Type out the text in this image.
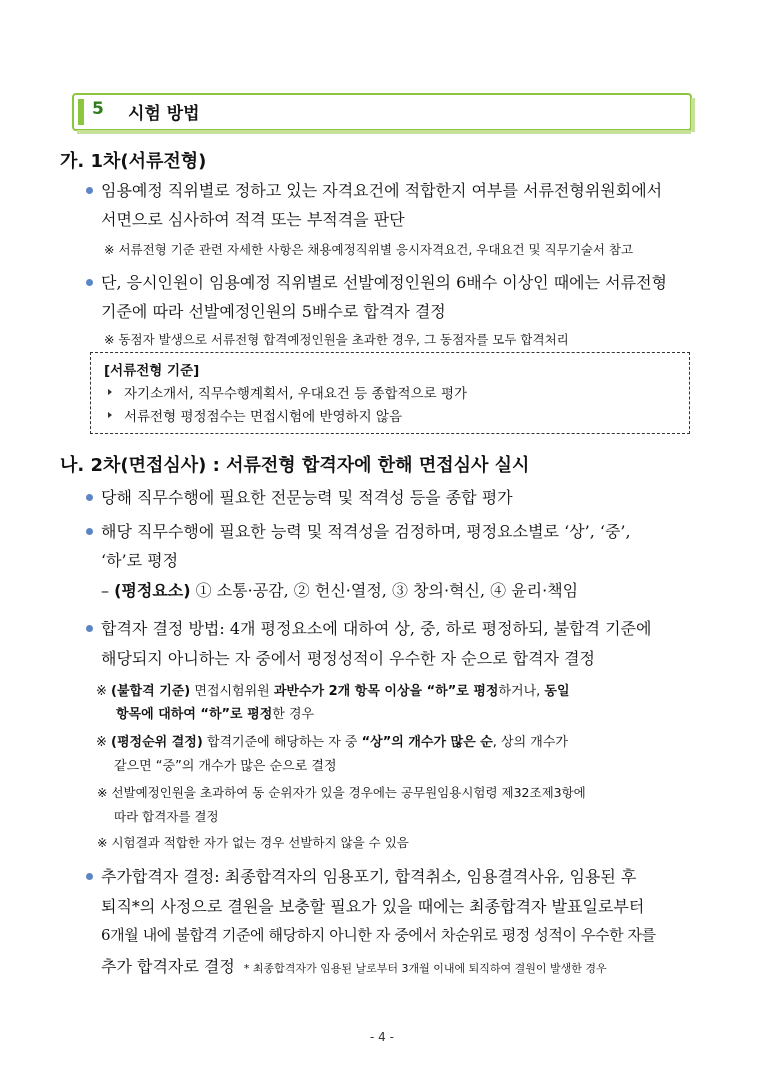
5 시험 방법
가. 1차(서류전형)
임용예정 직위별로 정하고 있는 자격요건에 적합한지 여부를 서류전형위원회에서
서면으로 심사하여 적격 또는 부적격을 판단
※ 서류전형 기준 관련 자세한 사항은 채용예정직위별 응시자격요건, 우대요건 및 직무기술서 참고
단, 응시인원이 임용예정 직위별로 선발예정인원의 6배수 이상인 때에는 서류전형
기준에 따라 선발예정인원의 5배수로 합격자 결정
※ 동점자 발생으로 서류전형 합격예정인원을 초과한 경우, 그 동점자를 모두 합격처리
[서류전형 기준]
자기소개서, 직무수행계획서, 우대요건 등 종합적으로 평가
서류전형 평정점수는 면접시험에 반영하지 않음
나. 2차(면접심사) : 서류전형 합격자에 한해 면접심사 실시
당해 직무수행에 필요한 전문능력 및 적격성 등을 종합 평가
해당 직무수행에 필요한 능력 및 적격성을 검정하며, 평정요소별로 ‘상’, ‘중’,
‘하’로 평정
– (평정요소) ① 소통·공감, ② 헌신·열정, ③ 창의·혁신, ④ 윤리·책임
합격자 결정 방법: 4개 평정요소에 대하여 상, 중, 하로 평정하되, 불합격 기준에
해당되지 아니하는 자 중에서 평정성적이 우수한 자 순으로 합격자 결정
※ (불합격 기준) 면접시험위원 과반수가 2개 항목 이상을 “하”로 평정하거나, 동일
항목에 대하여 “하”로 평정한 경우
※ (평정순위 결정) 합격기준에 해당하는 자 중 “상”의 개수가 많은 순, 상의 개수가
같으면 “중”의 개수가 많은 순으로 결정
※ 선발예정인원을 초과하여 동 순위자가 있을 경우에는 공무원임용시험령 제32조제3항에
따라 합격자를 결정
※ 시험결과 적합한 자가 없는 경우 선발하지 않을 수 있음
추가합격자 결정: 최종합격자의 임용포기, 합격취소, 임용결격사유, 임용된 후
퇴직*의 사정으로 결원을 보충할 필요가 있을 때에는 최종합격자 발표일로부터
6개월 내에 불합격 기준에 해당하지 아니한 자 중에서 차순위로 평정 성적이 우수한 자를
추가 합격자로 결정 * 최종합격자가 임용된 날로부터 3개월 이내에 퇴직하여 결원이 발생한 경우
- 4 -
